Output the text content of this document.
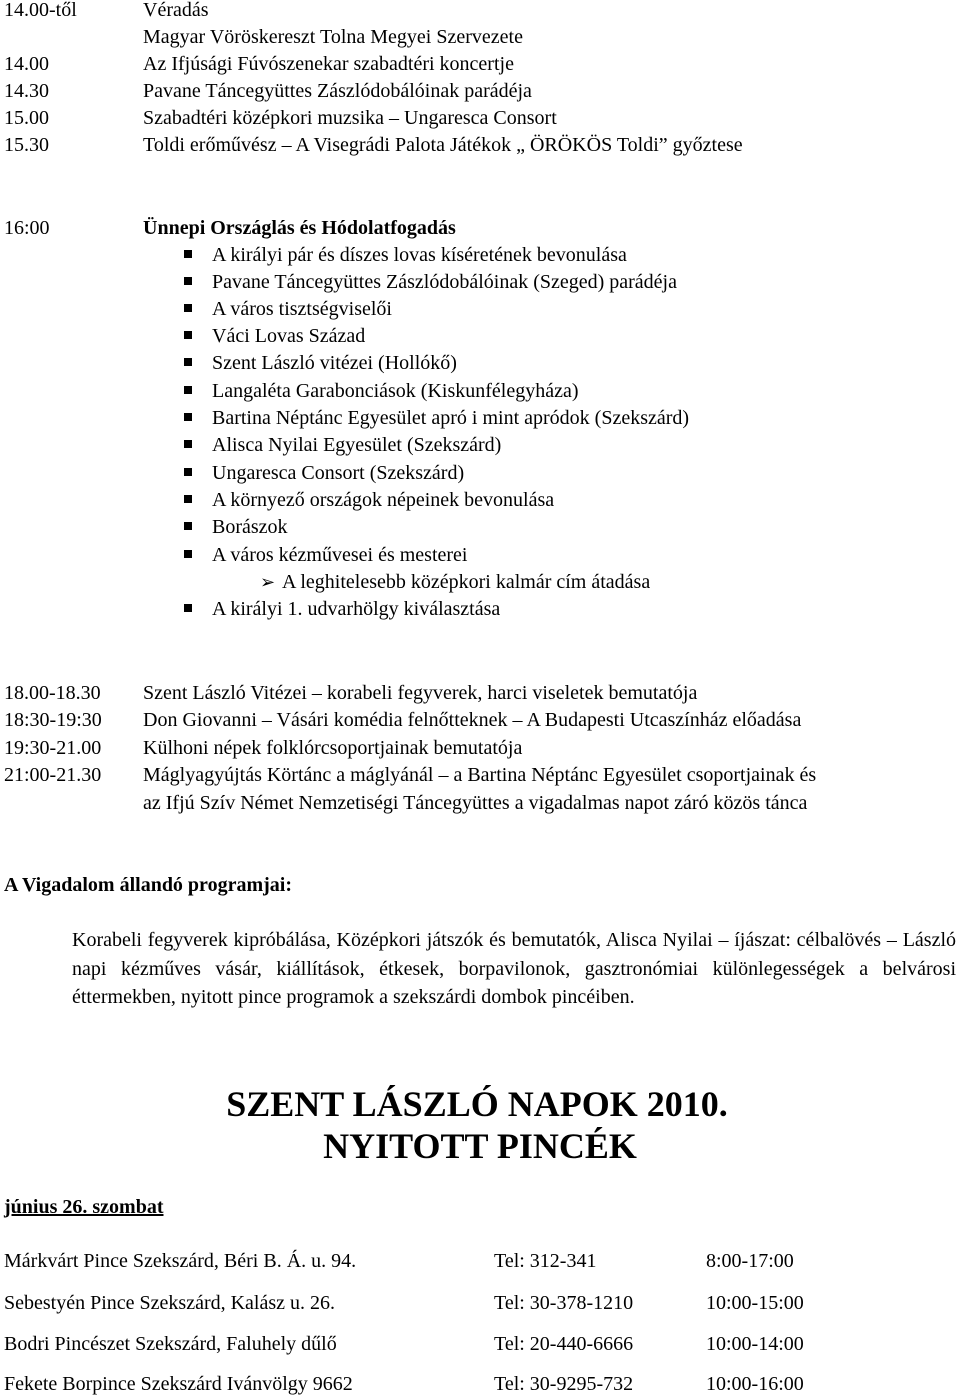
14.00-től	Véradás
Magyar Vöröskereszt Tolna Megyei Szervezete
14.00	Az Ifjúsági Fúvószenekar szabadtéri koncertje
14.30	Pavane Táncegyüttes Zászlódobálóinak parádéja
15.00	Szabadtéri középkori muzsika – Ungaresca Consort
15.30	Toldi erőművész – A Visegrádi Palota Játékok „ ÖRÖKÖS Toldi” győztese
16:00	Ünnepi Országlás és Hódolatfogadás
A királyi pár és díszes lovas kíséretének bevonulása
Pavane Táncegyüttes Zászlódobálóinak (Szeged) parádéja
A város tisztségviselői
Váci Lovas Század
Szent László vitézei (Hollókő)
Langaléta Garabonciások (Kiskunfélegyháza)
Bartina Néptánc Egyesület apró i mint apródok (Szekszárd)
Alisca Nyilai Egyesület (Szekszárd)
Ungaresca Consort (Szekszárd)
A környező országok népeinek bevonulása
Borászok
A város kézművesei és mesterei
➢ A leghitelesebb középkori kalmár cím átadása
A királyi 1. udvarhölgy kiválasztása
18.00-18.30 Szent László Vitézei – korabeli fegyverek, harci viseletek bemutatója
18:30-19:30 Don Giovanni – Vásári komédia felnőtteknek – A Budapesti Utcaszínház előadása
19:30-21.00 Külhoni népek folklórcsoportjainak bemutatója
21:00-21.30 Máglyagyújtás Körtánc a máglyánál – a Bartina Néptánc Egyesület csoportjainak és
az Ifjú Szív Német Nemzetiségi Táncegyüttes a vigadalmas napot záró közös tánca
A Vigadalom állandó programjai:
Korabeli fegyverek kipróbálása, Középkori játszók és bemutatók, Alisca Nyilai – íjászat: célbalövés – László napi kézműves vásár, kiállítások, étkesek, borpavilonok, gasztronómiai különlegességek a belvárosi éttermekben, nyitott pince programok a szekszárdi dombok pincéiben.
SZENT LÁSZLÓ NAPOK 2010.
NYITOTT PINCÉK
június 26. szombat
Márkvárt Pince Szekszárd, Béri B. Á. u. 94.	Tel: 312-341	8:00-17:00
Sebestyén Pince Szekszárd, Kalász u. 26.	Tel: 30-378-1210	10:00-15:00
Bodri Pincészet Szekszárd, Faluhely dűlő	Tel: 20-440-6666	10:00-14:00
Fekete Borpince Szekszárd Ivánvölgy 9662	Tel: 30-9295-732	10:00-16:00
